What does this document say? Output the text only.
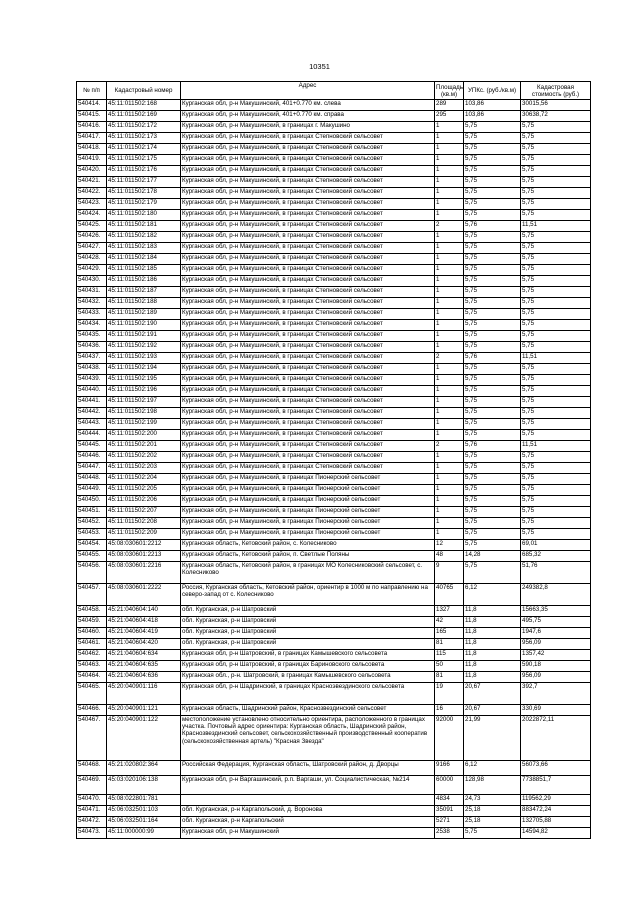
10351
№ п/п	Кадастровый номер	Адрес	Площадь (кв.м)	УПКс. (руб./кв.м)	Кадастровая стоимость (руб.)
540414.	45:11:011502:168	Курганская обл, р-н Макушинский, 401+0.770 км. слева	289	103,86	30015,56
540415.	45:11:011502:169	Курганская обл, р-н Макушинский, 401+0.770 км. справа	295	103,86	30638,72
540416.	45:11:011502:172	Курганская обл, р-н Макушинский, в границах г. Макушино	1	5,75	5,75
540417.	45:11:011502:173	Курганская обл, р-н Макушинский, в границах Степновский сельсовет	1	5,75	5,75
540418.	45:11:011502:174	Курганская обл, р-н Макушинский, в границах Степновский сельсовет	1	5,75	5,75
540419.	45:11:011502:175	Курганская обл, р-н Макушинский, в границах Степновский сельсовет	1	5,75	5,75
540420.	45:11:011502:176	Курганская обл, р-н Макушинский, в границах Степновский сельсовет	1	5,75	5,75
540421.	45:11:011502:177	Курганская обл, р-н Макушинский, в границах Степновский сельсовет	1	5,75	5,75
540422.	45:11:011502:178	Курганская обл, р-н Макушинский, в границах Степновский сельсовет	1	5,75	5,75
540423.	45:11:011502:179	Курганская обл, р-н Макушинский, в границах Степновский сельсовет	1	5,75	5,75
540424.	45:11:011502:180	Курганская обл, р-н Макушинский, в границах Степновский сельсовет	1	5,75	5,75
540425.	45:11:011502:181	Курганская обл, р-н Макушинский, в границах Степновский сельсовет	2	5,76	11,51
540426.	45:11:011502:182	Курганская обл, р-н Макушинский, в границах Степновский сельсовет	1	5,75	5,75
540427.	45:11:011502:183	Курганская обл, р-н Макушинский, в границах Степновский сельсовет	1	5,75	5,75
540428.	45:11:011502:184	Курганская обл, р-н Макушинский, в границах Степновский сельсовет	1	5,75	5,75
540429.	45:11:011502:185	Курганская обл, р-н Макушинский, в границах Степновский сельсовет	1	5,75	5,75
540430.	45:11:011502:186	Курганская обл, р-н Макушинский, в границах Степновский сельсовет	1	5,75	5,75
540431.	45:11:011502:187	Курганская обл, р-н Макушинский, в границах Степновский сельсовет	1	5,75	5,75
540432.	45:11:011502:188	Курганская обл, р-н Макушинский, в границах Степновский сельсовет	1	5,75	5,75
540433.	45:11:011502:189	Курганская обл, р-н Макушинский, в границах Степновский сельсовет	1	5,75	5,75
540434.	45:11:011502:190	Курганская обл, р-н Макушинский, в границах Степновский сельсовет	1	5,75	5,75
540435.	45:11:011502:191	Курганская обл, р-н Макушинский, в границах Степновский сельсовет	1	5,75	5,75
540436.	45:11:011502:192	Курганская обл, р-н Макушинский, в границах Степновский сельсовет	1	5,75	5,75
540437.	45:11:011502:193	Курганская обл, р-н Макушинский, в границах Степновский сельсовет	2	5,76	11,51
540438.	45:11:011502:194	Курганская обл, р-н Макушинский, в границах Степновский сельсовет	1	5,75	5,75
540439.	45:11:011502:195	Курганская обл, р-н Макушинский, в границах Степновский сельсовет	1	5,75	5,75
540440.	45:11:011502:196	Курганская обл, р-н Макушинский, в границах Степновский сельсовет	1	5,75	5,75
540441.	45:11:011502:197	Курганская обл, р-н Макушинский, в границах Степновский сельсовет	1	5,75	5,75
540442.	45:11:011502:198	Курганская обл, р-н Макушинский, в границах Степновский сельсовет	1	5,75	5,75
540443.	45:11:011502:199	Курганская обл, р-н Макушинский, в границах Степновский сельсовет	1	5,75	5,75
540444.	45:11:011502:200	Курганская обл, р-н Макушинский, в границах Степновский сельсовет	1	5,75	5,75
540445.	45:11:011502:201	Курганская обл, р-н Макушинский, в границах Степновский сельсовет	2	5,76	11,51
540446.	45:11:011502:202	Курганская обл, р-н Макушинский, в границах Степновский сельсовет	1	5,75	5,75
540447.	45:11:011502:203	Курганская обл, р-н Макушинский, в границах Степновский сельсовет	1	5,75	5,75
540448.	45:11:011502:204	Курганская обл, р-н Макушинский, в границах Пионерский сельсовет	1	5,75	5,75
540449.	45:11:011502:205	Курганская обл, р-н Макушинский, в границах Пионерский сельсовет	1	5,75	5,75
540450.	45:11:011502:206	Курганская обл, р-н Макушинский, в границах Пионерский сельсовет	1	5,75	5,75
540451.	45:11:011502:207	Курганская обл, р-н Макушинский, в границах Пионерский сельсовет	1	5,75	5,75
540452.	45:11:011502:208	Курганская обл, р-н Макушинский, в границах Пионерский сельсовет	1	5,75	5,75
540453.	45:11:011502:209	Курганская обл, р-н Макушинский, в границах Пионерский сельсовет	1	5,75	5,75
540454.	45:08:030601:2212	Курганская область, Кетовский район, с. Колесниково	12	5,75	69,01
540455.	45:08:030601:2213	Курганская область, Кетовский район, п. Светлые Поляны	48	14,28	685,32
540456.	45:08:030601:2216	Курганская область, Кетовский район, в границах МО Колесниковский сельсовет, с. Колесниково	9	5,75	51,76
540457.	45:08:030601:2222	Россия, Курганская область, Кетовский район, ориентир в 1000 м по направлению на северо-запад от с. Колесниково	40765	6,12	249382,8
540458.	45:21:040604:140	обл. Курганская, р-н Шатровский	1327	11,8	15663,35
540459.	45:21:040604:418	обл. Курганская, р-н Шатровский	42	11,8	495,75
540460.	45:21:040604:419	обл. Курганская, р-н Шатровский	165	11,8	1947,6
540461.	45:21:040604:420	обл. Курганская, р-н Шатровский	81	11,8	956,09
540462.	45:21:040604:634	Курганская обл, р-н Шатровский, в границах Камышевского сельсовета	115	11,8	1357,42
540463.	45:21:040604:635	Курганская обл, р-н Шатровский, в границах Бариновского сельсовета	50	11,8	590,18
540464.	45:21:040604:636	Курганская обл., р-н. Шатровский, в границах Камышевского сельсовета	81	11,8	956,09
540465.	45:20:040901:116	Курганская обл, р-н Шадринский, в границах Красноэвездинского сельсовета	19	20,67	392,7
540466.	45:20:040901:121	Курганская область, Шадринский район, Краснозвездинский сельсовет	16	20,67	330,69
540467.	45:20:040901:122	местоположение установлено относительно ориентира, расположенного в границах участка. Почтовый адрес ориентира: Курганская область, Шадринский район, Краснозвездинский сельсовет, сельскохозяйственный производственный кооператив (сельскохозяйственная артель) "Красная Звезда"	92000	21,99	2022872,11
540468.	45:21:020802:364	Российская Федерация, Курганская область, Шатровский район, д. Дворцы	9166	6,12	56073,66
540469.	45:03:020106:138	Курганская обл, р-н Варгашинский, р.п. Варгаши, ул. Социалистическая, №214	60000	128,98	7738851,7
540470.	45:08:022801:781		4834	24,73	119562,29
540471.	45:06:032501:103	обл. Курганская, р-н Каргапольский, д. Воронова	35091	25,18	883472,24
540472.	45:06:032501:164	обл. Курганская, р-н Каргапольский	5271	25,18	132705,88
540473.	45:11:000000:99	Курганская обл, р-н Макушинский	2538	5,75	14594,82
